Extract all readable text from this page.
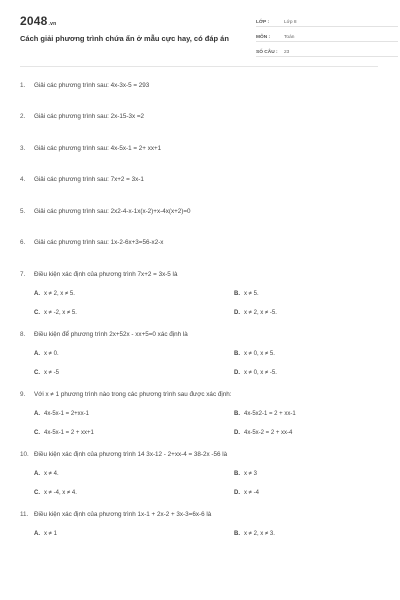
2048.vn
Cách giải phương trình chứa ẩn ở mẫu cực hay, có đáp án
LỚP :	Lớp 8
MÔN :	Toán
SỐ CÂU :	23
1.	Giải các phương trình sau: 4x-3x-5 = 293
2.	Giải các phương trình sau: 2x-15-3x =2
3.	Giải các phương trình sau: 4x-5x-1 = 2+ xx+1
4.	Giải các phương trình sau: 7x+2 = 3x-1
5.	Giải các phương trình sau: 2x2-4-x-1x(x-2)+x-4x(x+2)=0
6.	Giải các phương trình sau: 1x-2-6x+3=56-x2-x
7.	Điều kiện xác định của phương trình 7x+2 = 3x-5 là
A. x ≠ 2, x ≠ 5.	B. x ≠ 5.
C. x ≠ -2, x ≠ 5.	D. x ≠ 2, x ≠ -5.
8.	Điều kiện để phương trình 2x+52x - xx+5=0 xác định là
A. x ≠ 0.	B. x ≠ 0, x ≠ 5.
C. x ≠ -5	D. x ≠ 0, x ≠ -5.
9.	Với x ≠ 1 phương trình nào trong các phương trình sau được xác định:
A. 4x-5x-1 = 2+xx-1	B. 4x-5x2-1 = 2 + xx-1
C. 4x-5x-1 = 2 + xx+1	D. 4x-5x-2 = 2 + xx-4
10. Điều kiện xác định của phương trình 14 3x-12 - 2+xx-4 = 38-2x -56 là
A. x ≠ 4.	B. x ≠ 3
C. x ≠ -4, x ≠ 4.	D. x ≠ -4
11. Điều kiện xác định của phương trình 1x-1 + 2x-2 + 3x-3=6x-6 là
A. x ≠ 1	B. x ≠ 2, x ≠ 3.
